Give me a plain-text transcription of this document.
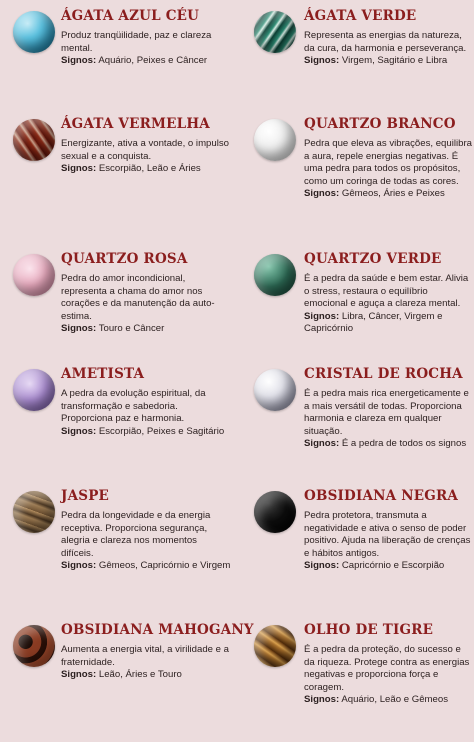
ÁGATA AZUL CÉU
Produz tranqüilidade, paz e clareza mental.
Signos: Aquário, Peixes e Câncer
ÁGATA VERMELHA
Energizante, ativa a vontade, o impulso sexual e a conquista.
Signos: Escorpião, Leão e Áries
QUARTZO ROSA
Pedra do amor incondicional, representa a chama do amor nos corações e da manutenção da auto-estima.
Signos: Touro e Câncer
AMETISTA
A pedra da evolução espiritual, da transformação e sabedoria. Proporciona paz e harmonia.
Signos: Escorpião, Peixes e Sagitário
JASPE
Pedra da longevidade e da energia receptiva. Proporciona segurança, alegria e clareza nos momentos difíceis.
Signos: Gêmeos, Capricórnio e Virgem
OBSIDIANA MAHOGANY
Aumenta a energia vital, a virilidade e a fraternidade.
Signos: Leão, Áries e Touro
ÁGATA VERDE
Representa as energias da natureza, da cura, da harmonia e perseverança.
Signos: Virgem, Sagitário e Libra
QUARTZO BRANCO
Pedra que eleva as vibrações, equilibra a aura, repele energias negativas. É uma pedra para todos os propósitos, como um coringa de todas as cores.
Signos: Gêmeos, Áries e Peixes
QUARTZO VERDE
É a pedra da saúde e bem estar. Alivia o stress, restaura o equilíbrio emocional e aguça a clareza mental.
Signos: Libra, Câncer, Virgem e Capricórnio
CRISTAL DE ROCHA
É a pedra mais rica energeticamente e a mais versátil de todas. Proporciona harmonia e clareza em qualquer situação.
Signos: É a pedra de todos os signos
OBSIDIANA NEGRA
Pedra protetora, transmuta a negatividade e ativa o senso de poder positivo. Ajuda na liberação de crenças e hábitos antigos.
Signos: Capricórnio e Escorpião
OLHO DE TIGRE
É a pedra da proteção, do sucesso e da riqueza. Protege contra as energias negativas e proporciona força e coragem.
Signos: Aquário, Leão e Gêmeos
